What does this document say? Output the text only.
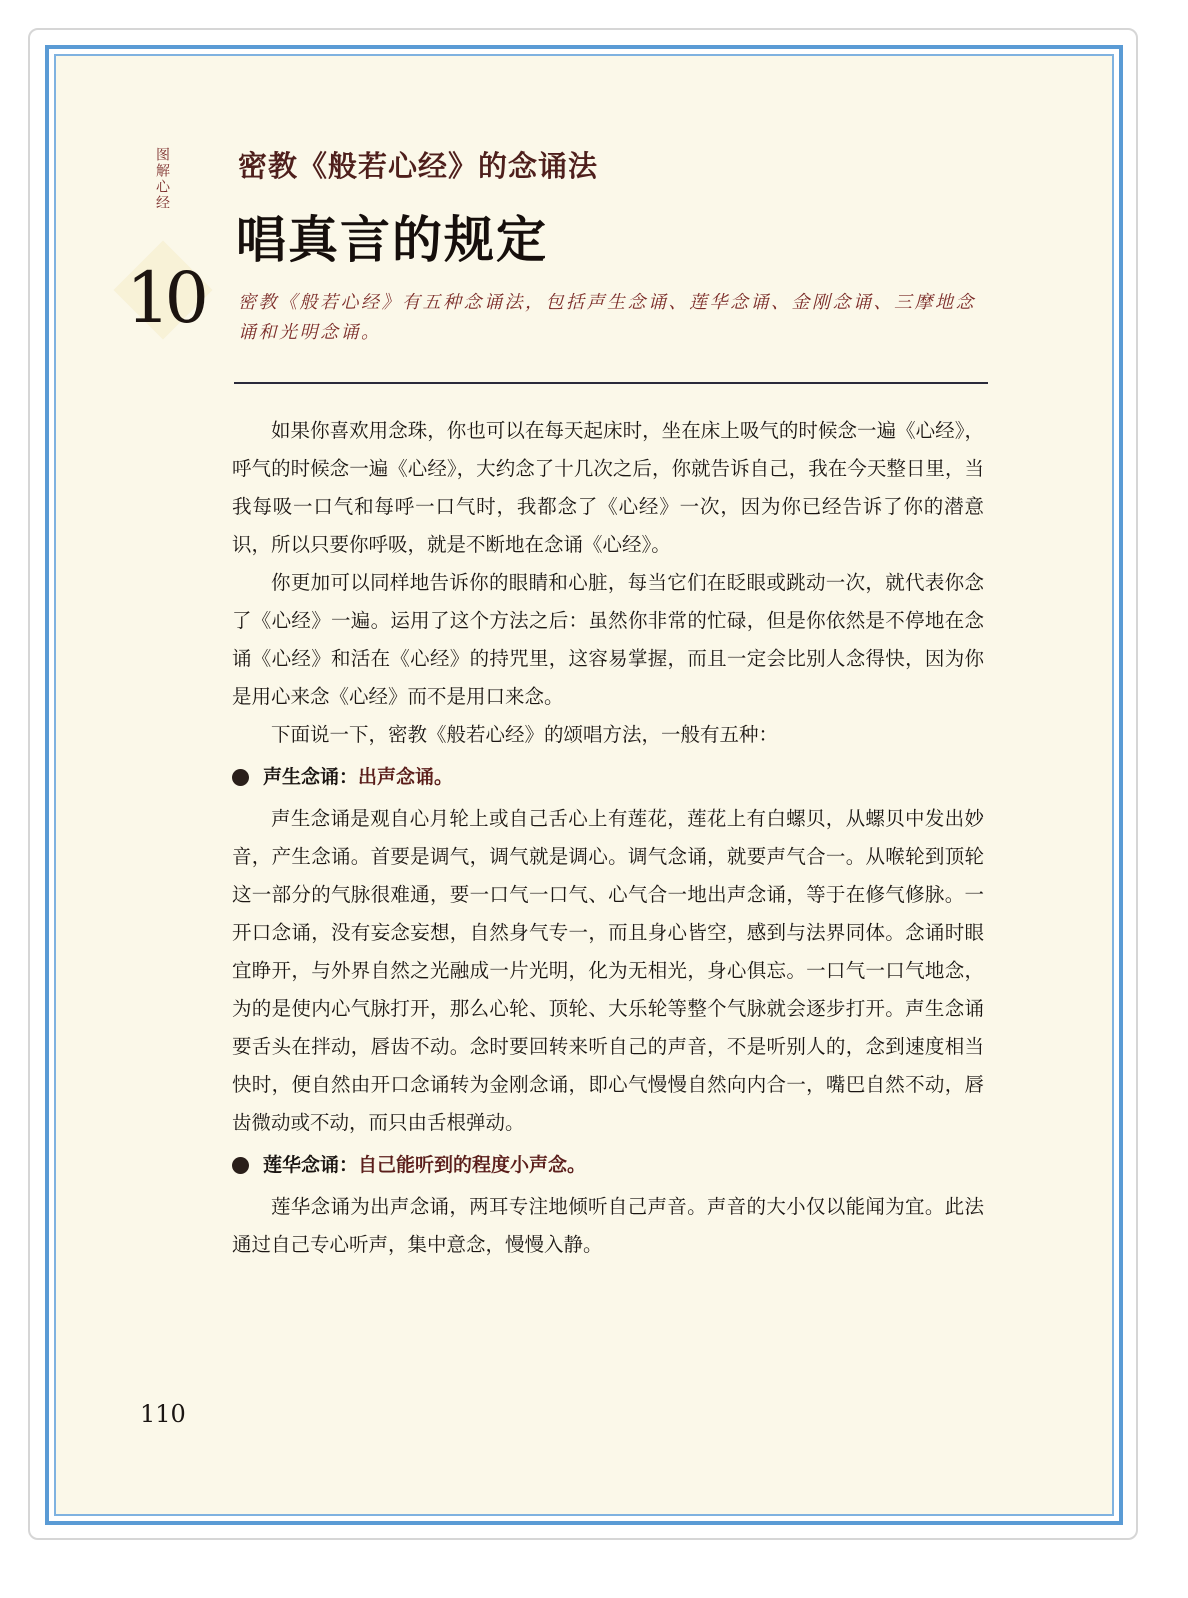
图解心经
10
密教《般若心经》的念诵法
唱真言的规定
密教《般若心经》有五种念诵法，包括声生念诵、莲华念诵、金刚念诵、三摩地念诵和光明念诵。

如果你喜欢用念珠，你也可以在每天起床时，坐在床上吸气的时候念一遍《心经》，呼气的时候念一遍《心经》，大约念了十几次之后，你就告诉自己，我在今天整日里，当我每吸一口气和每呼一口气时，我都念了《心经》一次，因为你已经告诉了你的潜意识，所以只要你呼吸，就是不断地在念诵《心经》。

你更加可以同样地告诉你的眼睛和心脏，每当它们在眨眼或跳动一次，就代表你念了《心经》一遍。运用了这个方法之后：虽然你非常的忙碌，但是你依然是不停地在念诵《心经》和活在《心经》的持咒里，这容易掌握，而且一定会比别人念得快，因为你是用心来念《心经》而不是用口来念。

下面说一下，密教《般若心经》的颂唱方法，一般有五种：

声生念诵： 出声念诵。

声生念诵是观自心月轮上或自己舌心上有莲花，莲花上有白螺贝，从螺贝中发出妙音，产生念诵。首要是调气，调气就是调心。调气念诵，就要声气合一。从喉轮到顶轮这一部分的气脉很难通，要一口气一口气、心气合一地出声念诵，等于在修气修脉。一开口念诵，没有妄念妄想，自然身气专一，而且身心皆空，感到与法界同体。念诵时眼宜睁开，与外界自然之光融成一片光明，化为无相光，身心俱忘。一口气一口气地念，为的是使内心气脉打开，那么心轮、顶轮、大乐轮等整个气脉就会逐步打开。声生念诵要舌头在拌动，唇齿不动。念时要回转来听自己的声音，不是听别人的，念到速度相当快时，便自然由开口念诵转为金刚念诵，即心气慢慢自然向内合一，嘴巴自然不动，唇齿微动或不动，而只由舌根弹动。

莲华念诵： 自己能听到的程度小声念。

莲华念诵为出声念诵，两耳专注地倾听自己声音。声音的大小仅以能闻为宜。此法通过自己专心听声，集中意念，慢慢入静。

110
